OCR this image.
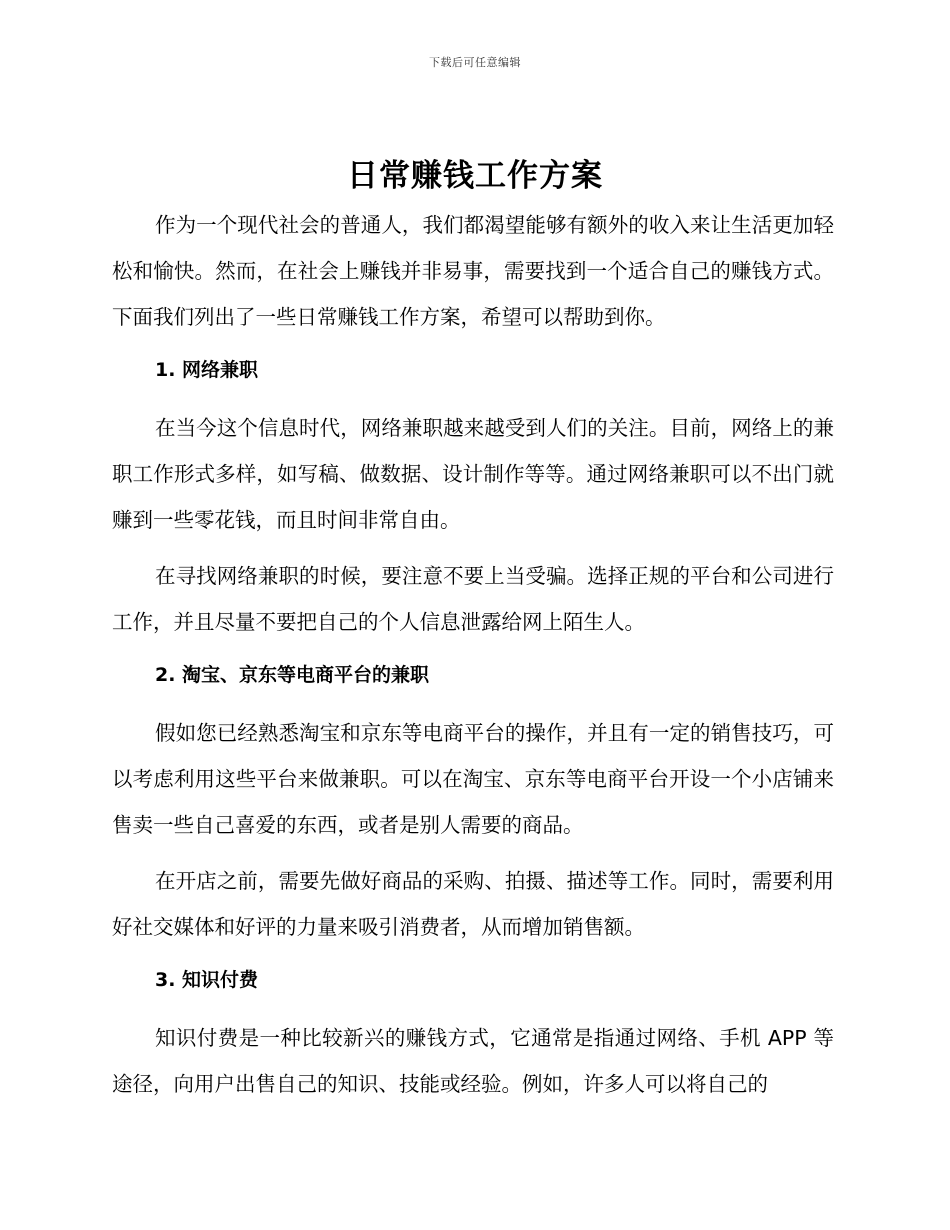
下载后可任意编辑
日常赚钱工作方案

作为一个现代社会的普通人，我们都渴望能够有额外的收入来让生活更加轻松和愉快。然而，在社会上赚钱并非易事，需要找到一个适合自己的赚钱方式。下面我们列出了一些日常赚钱工作方案，希望可以帮助到你。

1. 网络兼职

在当今这个信息时代，网络兼职越来越受到人们的关注。目前，网络上的兼职工作形式多样，如写稿、做数据、设计制作等等。通过网络兼职可以不出门就赚到一些零花钱，而且时间非常自由。

在寻找网络兼职的时候，要注意不要上当受骗。选择正规的平台和公司进行工作，并且尽量不要把自己的个人信息泄露给网上陌生人。

2. 淘宝、京东等电商平台的兼职

假如您已经熟悉淘宝和京东等电商平台的操作，并且有一定的销售技巧，可以考虑利用这些平台来做兼职。可以在淘宝、京东等电商平台开设一个小店铺来售卖一些自己喜爱的东西，或者是别人需要的商品。

在开店之前，需要先做好商品的采购、拍摄、描述等工作。同时，需要利用好社交媒体和好评的力量来吸引消费者，从而增加销售额。

3. 知识付费

知识付费是一种比较新兴的赚钱方式，它通常是指通过网络、手机 APP 等途径，向用户出售自己的知识、技能或经验。例如，许多人可以将自己的
